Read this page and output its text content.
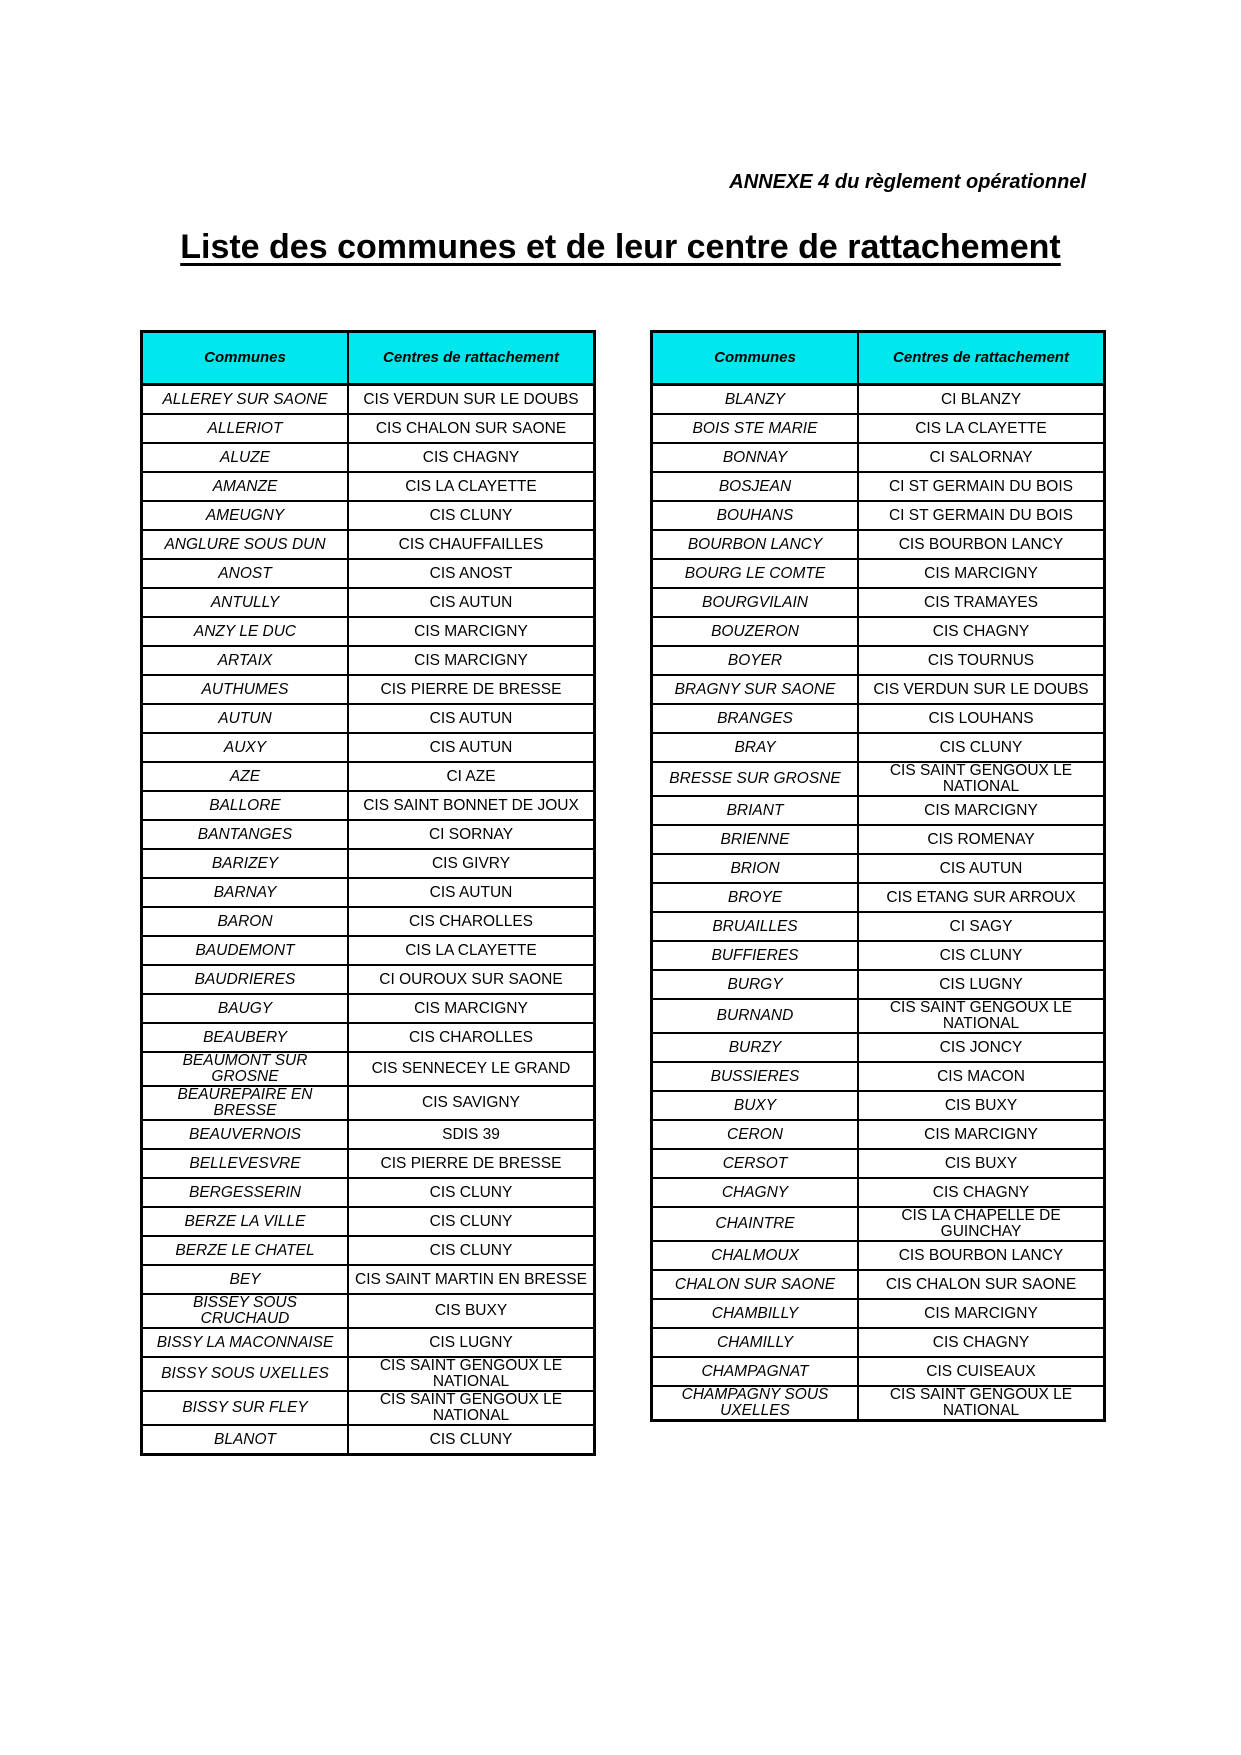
ANNEXE 4 du règlement opérationnel
Liste des communes et de leur centre de rattachement
Communes	Centres de rattachement
ALLEREY SUR SAONE	CIS VERDUN SUR LE DOUBS
ALLERIOT	CIS CHALON SUR SAONE
ALUZE	CIS CHAGNY
AMANZE	CIS LA CLAYETTE
AMEUGNY	CIS CLUNY
ANGLURE SOUS DUN	CIS CHAUFFAILLES
ANOST	CIS ANOST
ANTULLY	CIS AUTUN
ANZY LE DUC	CIS MARCIGNY
ARTAIX	CIS MARCIGNY
AUTHUMES	CIS PIERRE DE BRESSE
AUTUN	CIS AUTUN
AUXY	CIS AUTUN
AZE	CI AZE
BALLORE	CIS SAINT BONNET DE JOUX
BANTANGES	CI SORNAY
BARIZEY	CIS GIVRY
BARNAY	CIS AUTUN
BARON	CIS CHAROLLES
BAUDEMONT	CIS LA CLAYETTE
BAUDRIERES	CI OUROUX SUR SAONE
BAUGY	CIS MARCIGNY
BEAUBERY	CIS CHAROLLES
BEAUMONT SUR GROSNE	CIS SENNECEY LE GRAND
BEAUREPAIRE EN BRESSE	CIS SAVIGNY
BEAUVERNOIS	SDIS 39
BELLEVESVRE	CIS PIERRE DE BRESSE
BERGESSERIN	CIS CLUNY
BERZE LA VILLE	CIS CLUNY
BERZE LE CHATEL	CIS CLUNY
BEY	CIS SAINT MARTIN EN BRESSE
BISSEY SOUS CRUCHAUD	CIS BUXY
BISSY LA MACONNAISE	CIS LUGNY
BISSY SOUS UXELLES	CIS SAINT GENGOUX LE NATIONAL
BISSY SUR FLEY	CIS SAINT GENGOUX LE NATIONAL
BLANOT	CIS CLUNY
Communes	Centres de rattachement
BLANZY	CI BLANZY
BOIS STE MARIE	CIS LA CLAYETTE
BONNAY	CI SALORNAY
BOSJEAN	CI ST GERMAIN DU BOIS
BOUHANS	CI ST GERMAIN DU BOIS
BOURBON LANCY	CIS BOURBON LANCY
BOURG LE COMTE	CIS MARCIGNY
BOURGVILAIN	CIS TRAMAYES
BOUZERON	CIS CHAGNY
BOYER	CIS TOURNUS
BRAGNY SUR SAONE	CIS VERDUN SUR LE DOUBS
BRANGES	CIS LOUHANS
BRAY	CIS CLUNY
BRESSE SUR GROSNE	CIS SAINT GENGOUX LE NATIONAL
BRIANT	CIS MARCIGNY
BRIENNE	CIS ROMENAY
BRION	CIS AUTUN
BROYE	CIS ETANG SUR ARROUX
BRUAILLES	CI SAGY
BUFFIERES	CIS CLUNY
BURGY	CIS LUGNY
BURNAND	CIS SAINT GENGOUX LE NATIONAL
BURZY	CIS JONCY
BUSSIERES	CIS MACON
BUXY	CIS BUXY
CERON	CIS MARCIGNY
CERSOT	CIS BUXY
CHAGNY	CIS CHAGNY
CHAINTRE	CIS LA CHAPELLE DE GUINCHAY
CHALMOUX	CIS BOURBON LANCY
CHALON SUR SAONE	CIS CHALON SUR SAONE
CHAMBILLY	CIS MARCIGNY
CHAMILLY	CIS CHAGNY
CHAMPAGNAT	CIS CUISEAUX
CHAMPAGNY SOUS UXELLES	CIS SAINT GENGOUX LE NATIONAL
